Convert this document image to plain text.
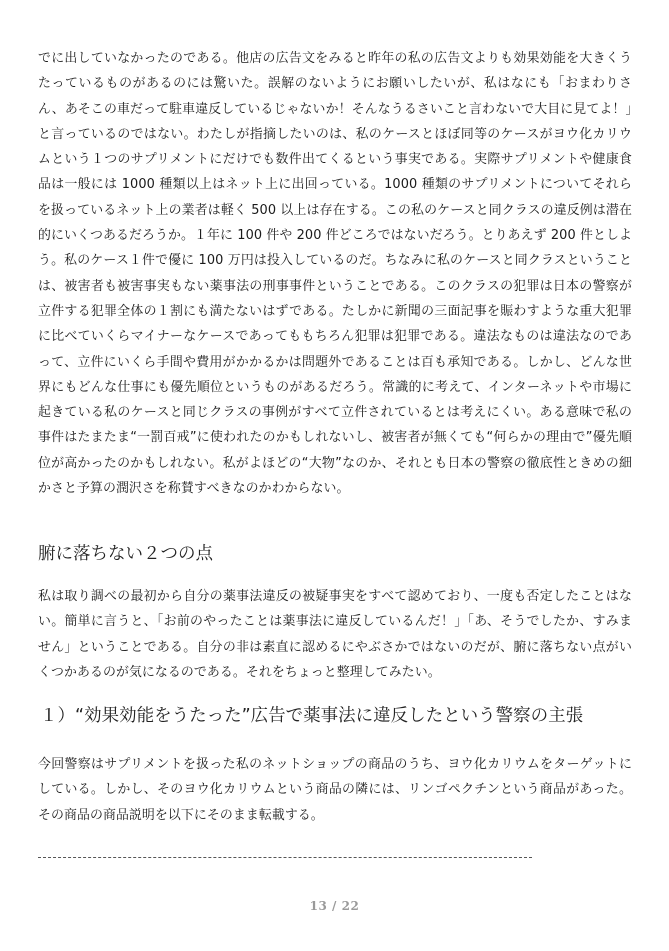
でに出していなかったのである。他店の広告文をみると昨年の私の広告文よりも効果効能を大きくうたっているものがあるのには驚いた。誤解のないようにお願いしたいが、私はなにも「おまわりさん、あそこの車だって駐車違反しているじゃないか！そんなうるさいこと言わないで大目に見てよ！」と言っているのではない。わたしが指摘したいのは、私のケースとほぼ同等のケースがヨウ化カリウムという１つのサプリメントにだけでも数件出てくるという事実である。実際サプリメントや健康食品は一般には 1000 種類以上はネット上に出回っている。1000 種類のサプリメントについてそれらを扱っているネット上の業者は軽く 500 以上は存在する。この私のケースと同クラスの違反例は潜在的にいくつあるだろうか。１年に 100 件や 200 件どころではないだろう。とりあえず 200 件としよう。私のケース１件で優に 100 万円は投入しているのだ。ちなみに私のケースと同クラスということは、被害者も被害事実もない薬事法の刑事事件ということである。このクラスの犯罪は日本の警察が立件する犯罪全体の１割にも満たないはずである。たしかに新聞の三面記事を賑わすような重大犯罪に比べていくらマイナーなケースであってももちろん犯罪は犯罪である。違法なものは違法なのであって、立件にいくら手間や費用がかかるかは問題外であることは百も承知である。しかし、どんな世界にもどんな仕事にも優先順位というものがあるだろう。常識的に考えて、インターネットや市場に起きている私のケースと同じクラスの事例がすべて立件されているとは考えにくい。ある意味で私の事件はたまたま“一罰百戒”に使われたのかもしれないし、被害者が無くても“何らかの理由で”優先順位が高かったのかもしれない。私がよほどの“大物”なのか、それとも日本の警察の徹底性ときめの細かさと予算の潤沢さを称賛すべきなのかわからない。

腑に落ちない２つの点

私は取り調べの最初から自分の薬事法違反の被疑事実をすべて認めており、一度も否定したことはない。簡単に言うと、「お前のやったことは薬事法に違反しているんだ！」「あ、そうでしたか、すみません」ということである。自分の非は素直に認めるにやぶさかではないのだが、腑に落ちない点がいくつかあるのが気になるのである。それをちょっと整理してみたい。

１）“効果効能をうたった”広告で薬事法に違反したという警察の主張

今回警察はサプリメントを扱った私のネットショップの商品のうち、ヨウ化カリウムをターゲットにしている。しかし、そのヨウ化カリウムという商品の隣には、リンゴペクチンという商品があった。その商品の商品説明を以下にそのまま転載する。

13 / 22
